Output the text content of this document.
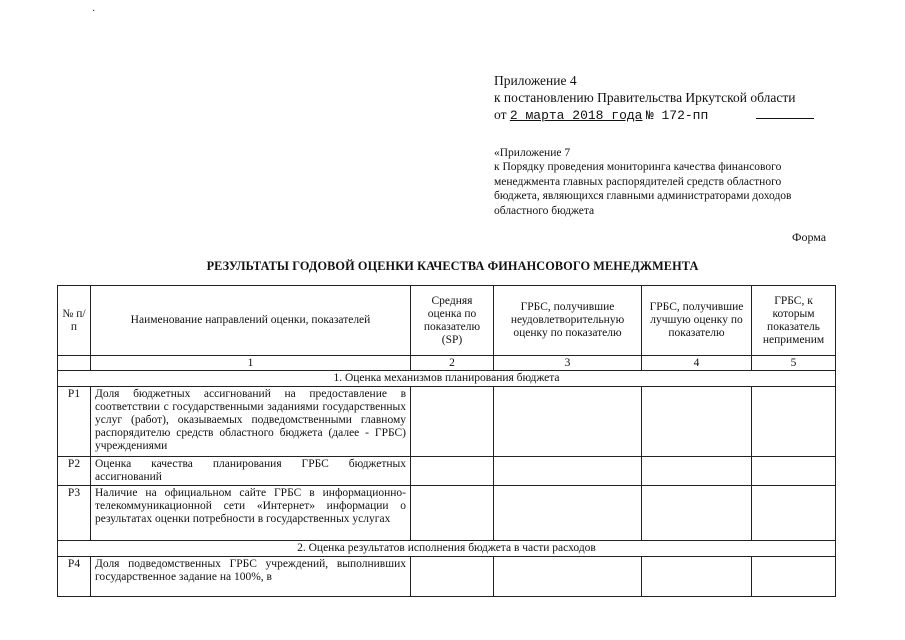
·
Приложение 4
к постановлению Правительства Иркутской области
от 2 марта 2018 года № 172-пп
«Приложение 7
к Порядку проведения мониторинга качества финансового
менеджмента главных распорядителей средств областного
бюджета, являющихся главными администраторами доходов
областного бюджета
Форма
РЕЗУЛЬТАТЫ ГОДОВОЙ ОЦЕНКИ КАЧЕСТВА ФИНАНСОВОГО МЕНЕДЖМЕНТА
№ п/п	Наименование направлений оценки, показателей	Средняя оценка по показателю (SP)	ГРБС, получившие неудовлетворительную оценку по показателю	ГРБС, получившие лучшую оценку по показателю	ГРБС, к которым показатель неприменим
	1	2	3	4	5
1. Оценка механизмов планирования бюджета					
P1	Доля бюджетных ассигнований на предоставление в соответствии с государственными заданиями государственных услуг (работ), оказываемых подведомственными главному распорядителю средств областного бюджета (далее - ГРБС) учреждениями				
P2	Оценка качества планирования ГРБС бюджетных ассигнований				
P3	Наличие на официальном сайте ГРБС в информационно-телекоммуникационной сети «Интернет» информации о результатах оценки потребности в государственных услугах				
2. Оценка результатов исполнения бюджета в части расходов					
P4	Доля подведомственных ГРБС учреждений, выполнивших государственное задание на 100%, в				
